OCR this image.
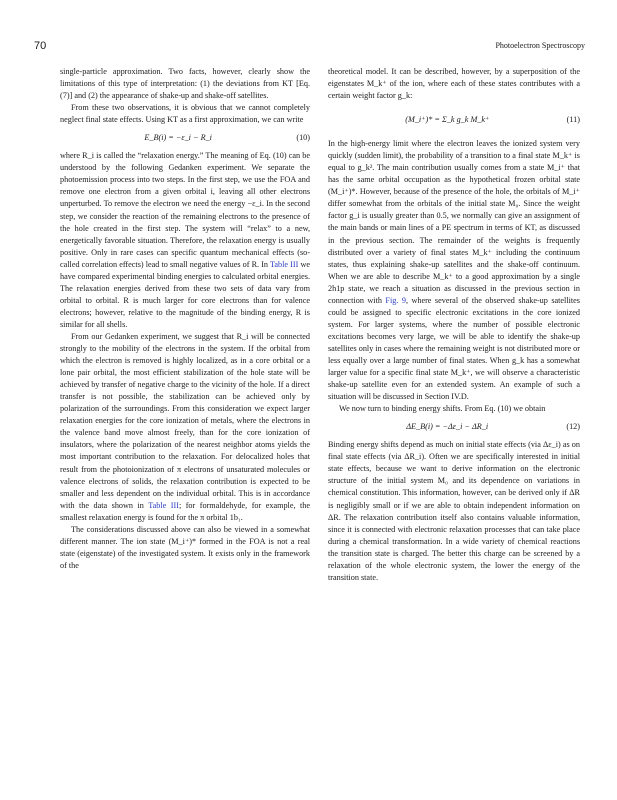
70	Photoelectron Spectroscopy

single-particle approximation. Two facts, however, clearly show the limitations of this type of interpretation: (1) the deviations from KT [Eq. (7)] and (2) the appearance of shake-up and shake-off satellites.

From these two observations, it is obvious that we cannot completely neglect final state effects. Using KT as a first approximation, we can write

E_B(i) = −ε_i − R_i	(10)

where R_i is called the “relaxation energy.” The meaning of Eq. (10) can be understood by the following Gedanken experiment. We separate the photoemission process into two steps. In the first step, we use the FOA and remove one electron from a given orbital i, leaving all other electrons unperturbed. To remove the electron we need the energy −ε_i. In the second step, we consider the reaction of the remaining electrons to the presence of the hole created in the first step. The system will “relax” to a new, energetically favorable situation. Therefore, the relaxation energy is usually positive. Only in rare cases can specific quantum mechanical effects (so-called correlation effects) lead to small negative values of R. In Table III we have compared experimental binding energies to calculated orbital energies. The relaxation energies derived from these two sets of data vary from orbital to orbital. R is much larger for core electrons than for valence electrons; however, relative to the magnitude of the binding energy, R is similar for all shells.

From our Gedanken experiment, we suggest that R_i will be connected strongly to the mobility of the electrons in the system. If the orbital from which the electron is removed is highly localized, as in a core orbital or a lone pair orbital, the most efficient stabilization of the hole state will be achieved by transfer of negative charge to the vicinity of the hole. If a direct transfer is not possible, the stabilization can be achieved only by polarization of the surroundings. From this consideration we expect larger relaxation energies for the core ionization of metals, where the electrons in the valence band move almost freely, than for the core ionization of insulators, where the polarization of the nearest neighbor atoms yields the most important contribution to the relaxation. For delocalized holes that result from the photoionization of π electrons of unsaturated molecules or valence electrons of solids, the relaxation contribution is expected to be smaller and less dependent on the individual orbital. This is in accordance with the data shown in Table III; for formaldehyde, for example, the smallest relaxation energy is found for the π orbital 1b₁.

The considerations discussed above can also be viewed in a somewhat different manner. The ion state (M_i⁺)* formed in the FOA is not a real state (eigenstate) of the investigated system. It exists only in the framework of the

theoretical model. It can be described, however, by a superposition of the eigenstates M_k⁺ of the ion, where each of these states contributes with a certain weight factor g_k:

(M_i⁺)* = Σ_k g_k M_k⁺	(11)

In the high-energy limit where the electron leaves the ionized system very quickly (sudden limit), the probability of a transition to a final state M_k⁺ is equal to g_k². The main contribution usually comes from a state M_i⁺ that has the same orbital occupation as the hypothetical frozen orbital state (M_i⁺)*. However, because of the presence of the hole, the orbitals of M_i⁺ differ somewhat from the orbitals of the initial state M₀. Since the weight factor g_i is usually greater than 0.5, we normally can give an assignment of the main bands or main lines of a PE spectrum in terms of KT, as discussed in the previous section. The remainder of the weights is frequently distributed over a variety of final states M_k⁺ including the continuum states, thus explaining shake-up satellites and the shake-off continuum. When we are able to describe M_k⁺ to a good approximation by a single 2h1p state, we reach a situation as discussed in the previous section in connection with Fig. 9, where several of the observed shake-up satellites could be assigned to specific electronic excitations in the core ionized system. For larger systems, where the number of possible electronic excitations becomes very large, we will be able to identify the shake-up satellites only in cases where the remaining weight is not distributed more or less equally over a large number of final states. When g_k has a somewhat larger value for a specific final state M_k⁺, we will observe a characteristic shake-up satellite even for an extended system. An example of such a situation will be discussed in Section IV.D.

We now turn to binding energy shifts. From Eq. (10) we obtain

ΔE_B(i) = −Δε_i − ΔR_i	(12)

Binding energy shifts depend as much on initial state effects (via Δε_i) as on final state effects (via ΔR_i). Often we are specifically interested in initial state effects, because we want to derive information on the electronic structure of the initial system M₀ and its dependence on variations in chemical constitution. This information, however, can be derived only if ΔR is negligibly small or if we are able to obtain independent information on ΔR. The relaxation contribution itself also contains valuable information, since it is connected with electronic relaxation processes that can take place during a chemical transformation. In a wide variety of chemical reactions the transition state is charged. The better this charge can be screened by a relaxation of the whole electronic system, the lower the energy of the transition state.
